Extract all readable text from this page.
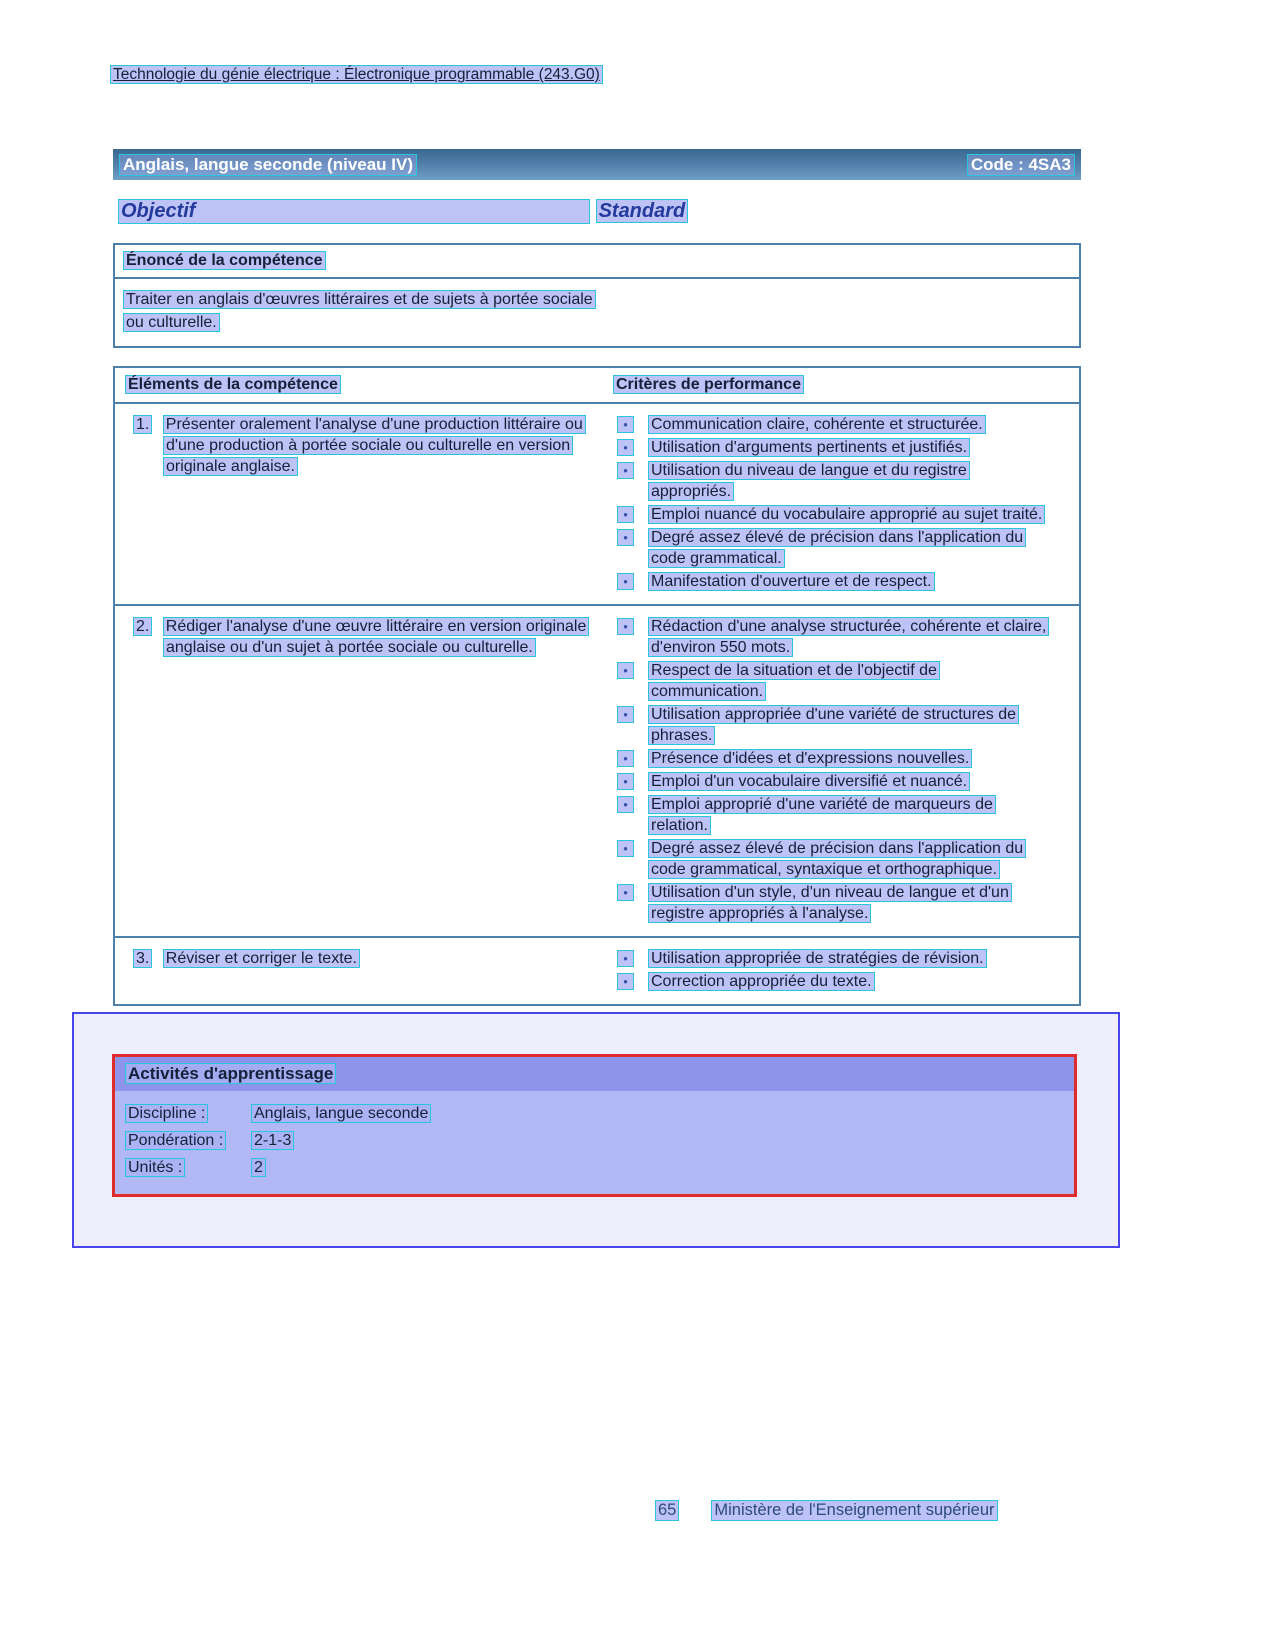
Technologie du génie électrique : Électronique programmable (243.G0)
Anglais, langue seconde (niveau IV)	Code : 4SA3
Objectif	Standard
Énoncé de la compétence
Traiter en anglais d'œuvres littéraires et de sujets à portée sociale ou culturelle.
Éléments de la compétence	Critères de performance
1. Présenter oralement l'analyse d'une production littéraire ou d'une production à portée sociale ou culturelle en version originale anglaise.
•	Communication claire, cohérente et structurée.
•	Utilisation d'arguments pertinents et justifiés.
•	Utilisation du niveau de langue et du registre appropriés.
•	Emploi nuancé du vocabulaire approprié au sujet traité.
•	Degré assez élevé de précision dans l'application du code grammatical.
•	Manifestation d'ouverture et de respect.
2. Rédiger l'analyse d'une œuvre littéraire en version originale anglaise ou d'un sujet à portée sociale ou culturelle.
•	Rédaction d'une analyse structurée, cohérente et claire, d'environ 550 mots.
•	Respect de la situation et de l'objectif de communication.
•	Utilisation appropriée d'une variété de structures de phrases.
•	Présence d'idées et d'expressions nouvelles.
•	Emploi d'un vocabulaire diversifié et nuancé.
•	Emploi approprié d'une variété de marqueurs de relation.
•	Degré assez élevé de précision dans l'application du code grammatical, syntaxique et orthographique.
•	Utilisation d'un style, d'un niveau de langue et d'un registre appropriés à l'analyse.
3. Réviser et corriger le texte.	•	Utilisation appropriée de stratégies de révision.
•	Correction appropriée du texte.
Activités d'apprentissage
Discipline :	Anglais, langue seconde
Pondération : 2-1-3
Unités :	2
65 Ministère de l'Enseignement supérieur
